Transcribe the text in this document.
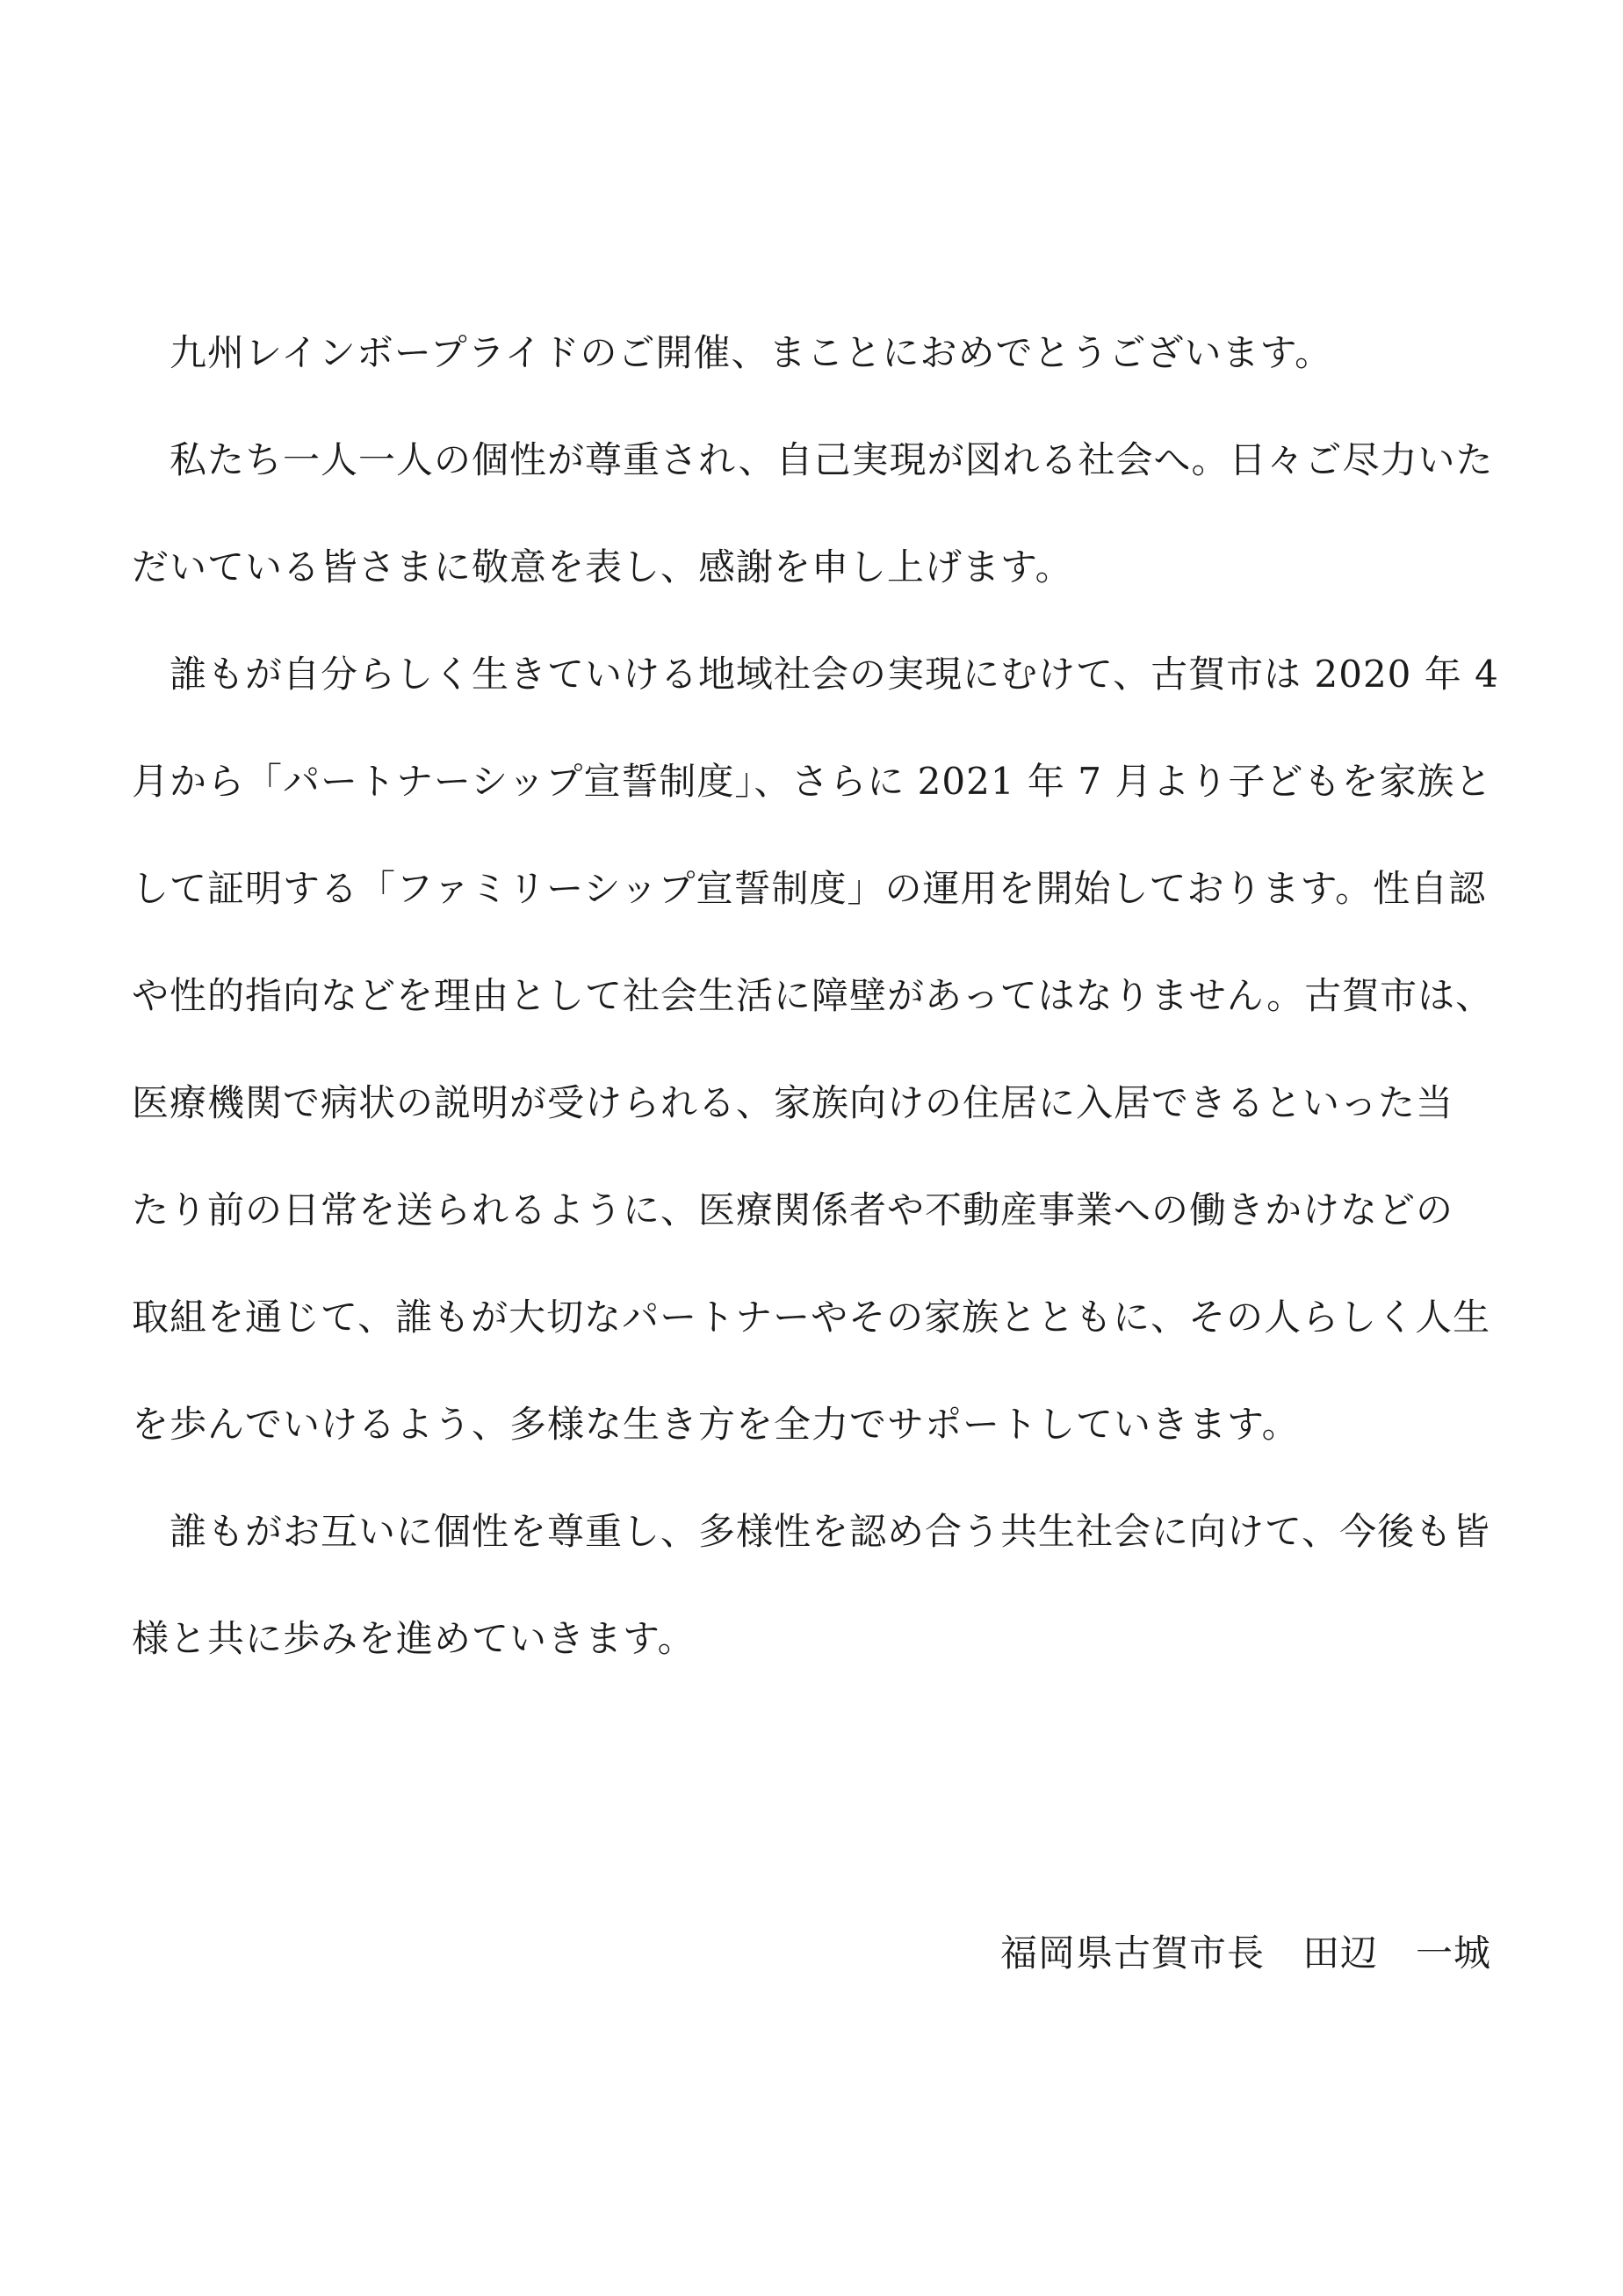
　九州レインボープライドのご開催、まことにおめでとうございます。
　私たち一人一人の個性が尊重され、自己実現が図れる社会へ。日々ご尽力いた
だいている皆さまに敬意を表し、感謝を申し上げます。
　誰もが自分らしく生きていける地域社会の実現にむけて、古賀市は 2020 年 4
月から「パートナーシップ宣誓制度」、さらに 2021 年 7 月より子どもを家族と
して証明する「ファミリーシップ宣誓制度」の運用を開始しております。性自認
や性的指向などを理由として社会生活に障壁があってはなりません。古賀市は、
医療機関で病状の説明が受けられる、家族向けの住居に入居できるといった当
たり前の日常を送られるように、医療関係者や不動産事業への働きかけなどの
取組を通じて、誰もが大切なパートナーやその家族とともに、その人らしく人生
を歩んでいけるよう、多様な生き方を全力でサポートしていきます。
　誰もがお互いに個性を尊重し、多様性を認め合う共生社会に向けて、今後も皆
様と共に歩みを進めていきます。
福岡県古賀市長　田辺　一城
